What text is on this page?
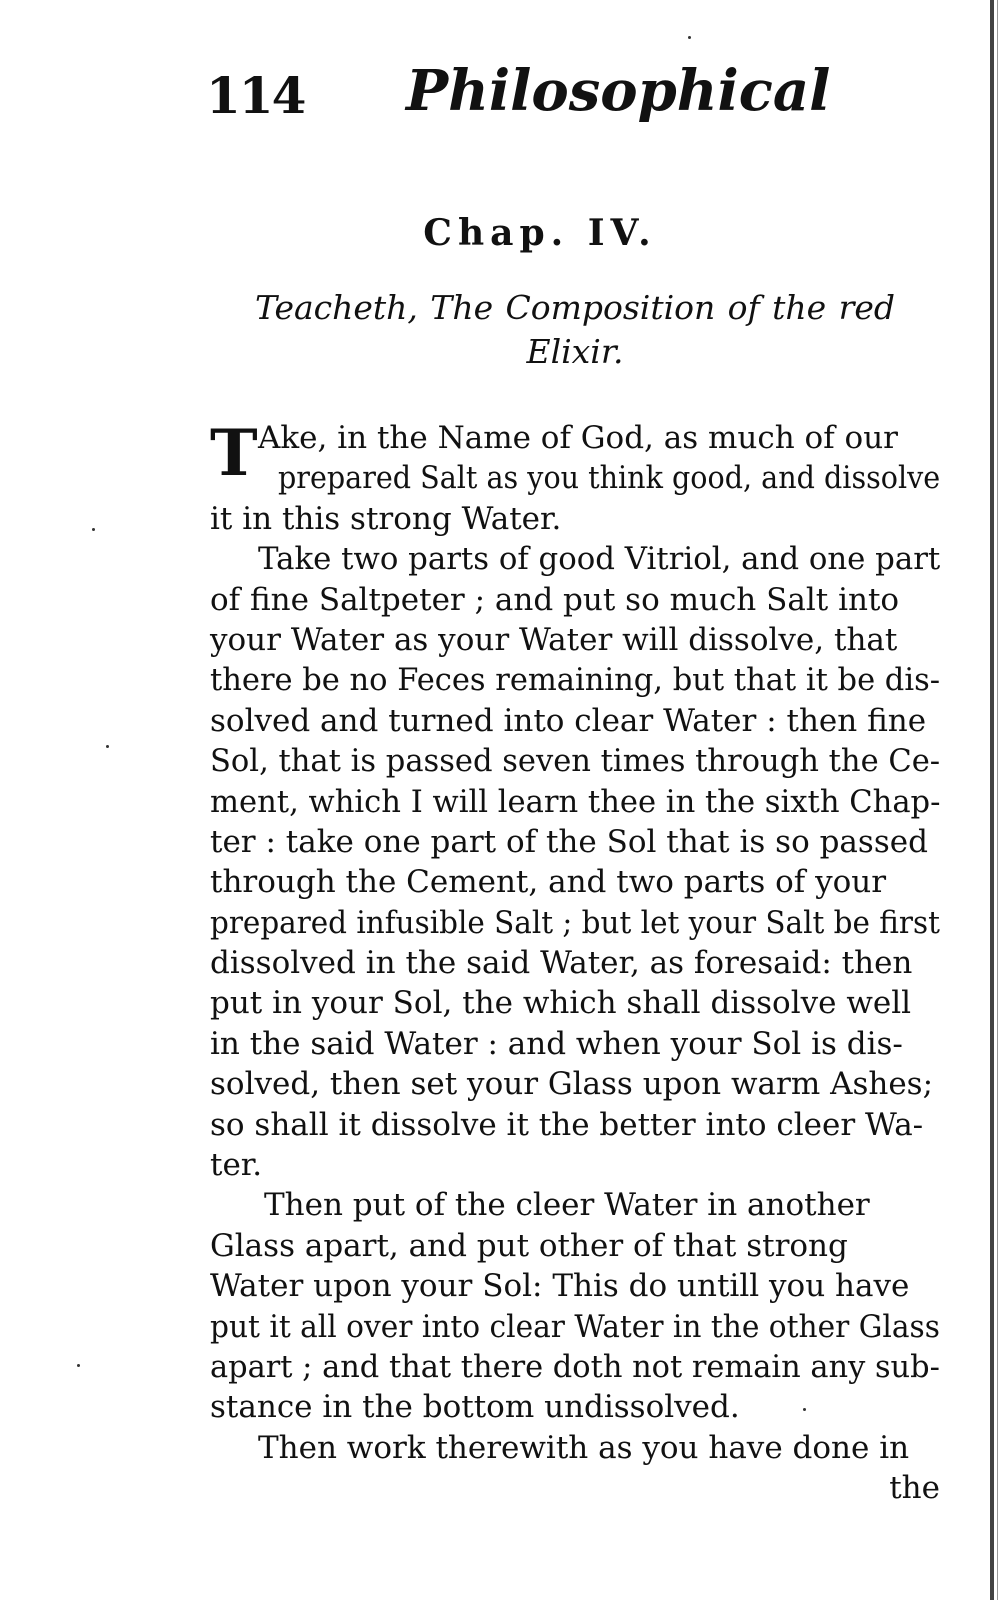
114 Philosophical
Chap. IV.
Teacheth, The Composition of the red
Elixir.
T Ake, in the Name of God, as much of our
prepared Salt as you think good, and dissolve
it in this strong Water.
Take two parts of good Vitriol, and one part
of fine Saltpeter ; and put so much Salt into
your Water as your Water will dissolve, that
there be no Feces remaining, but that it be dis-
solved and turned into clear Water : then fine
Sol, that is passed seven times through the Ce-
ment, which I will learn thee in the sixth Chap-
ter : take one part of the Sol that is so passed
through the Cement, and two parts of your
prepared infusible Salt ; but let your Salt be first
dissolved in the said Water, as foresaid: then
put in your Sol, the which shall dissolve well
in the said Water : and when your Sol is dis-
solved, then set your Glass upon warm Ashes;
so shall it dissolve it the better into cleer Wa-
ter.
Then put of the cleer Water in another
Glass apart, and put other of that strong
Water upon your Sol: This do untill you have
put it all over into clear Water in the other Glass
apart ; and that there doth not remain any sub-
stance in the bottom undissolved.
Then work therewith as you have done in
the
